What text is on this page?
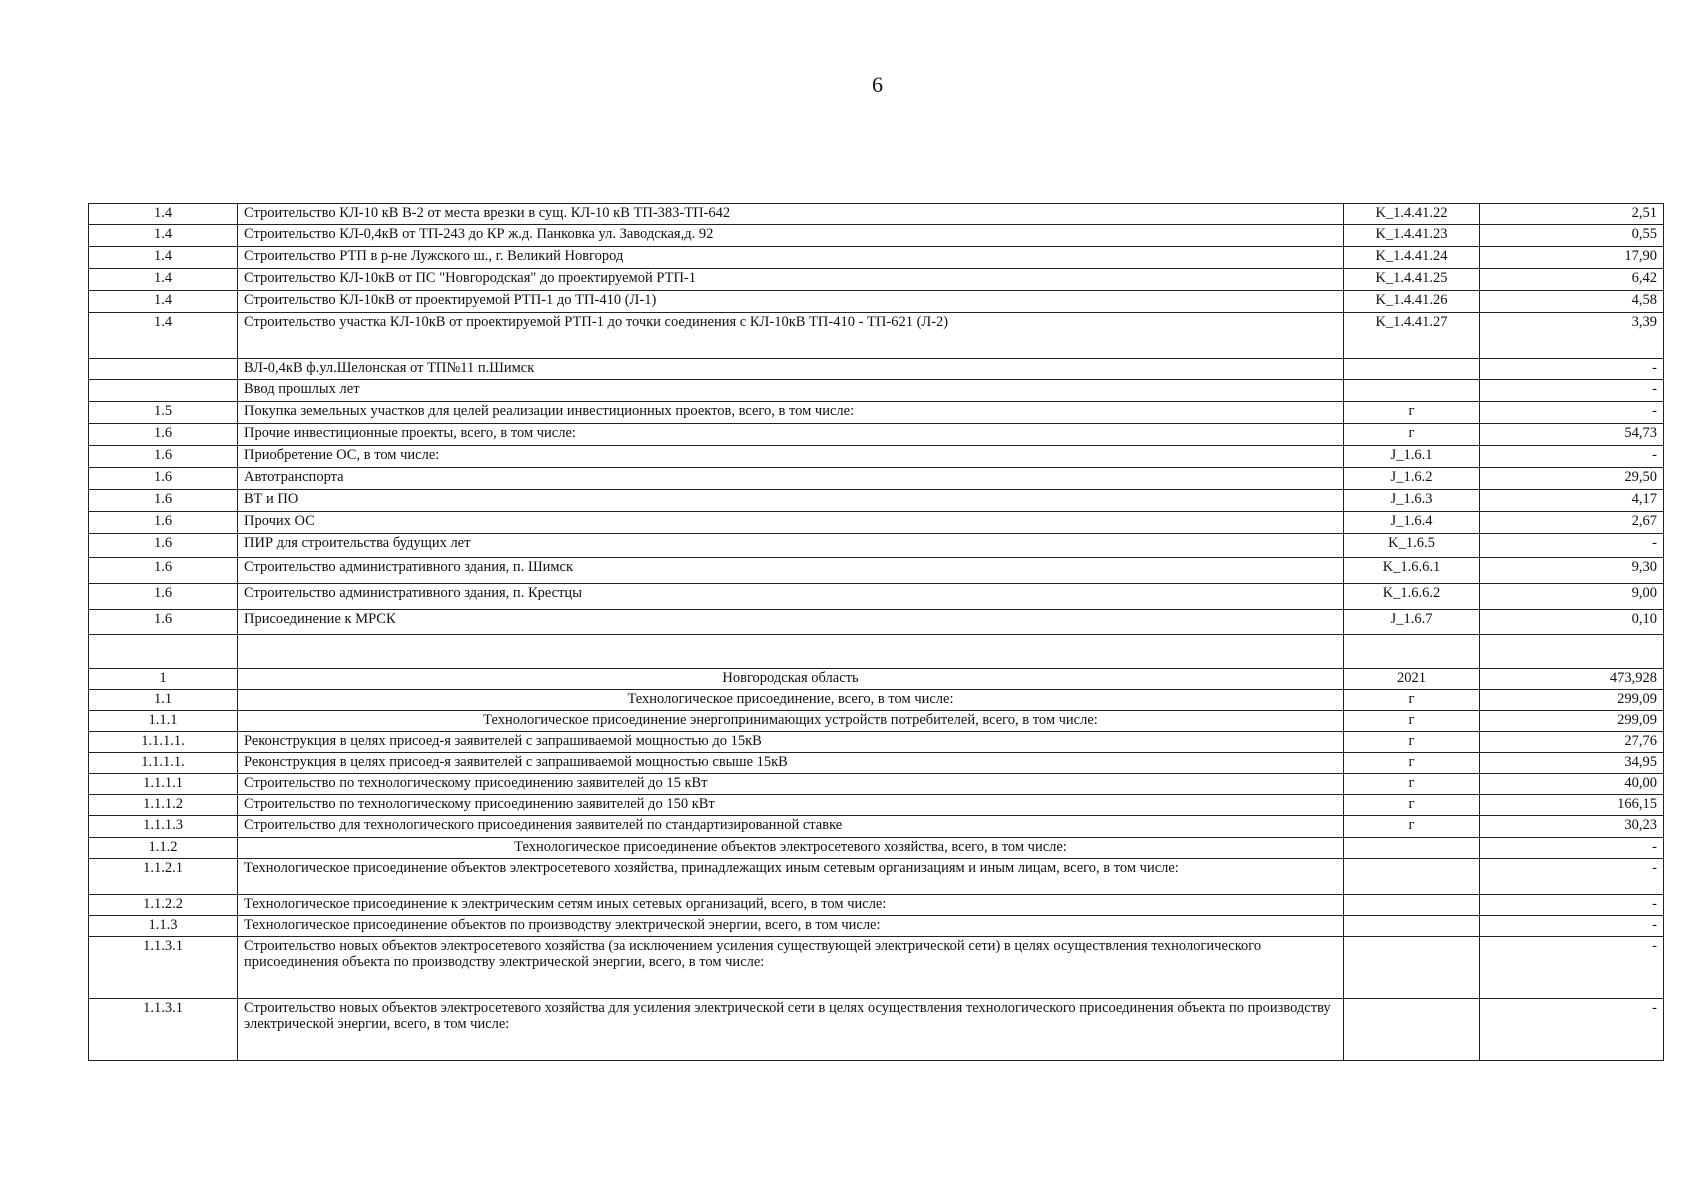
6
1.4	Строительство КЛ-10 кВ В-2 от места врезки в сущ. КЛ-10 кВ ТП-383-ТП-642	K_1.4.41.22	2,51
1.4	Строительство КЛ-0,4кВ от ТП-243 до КР ж.д. Панковка ул. Заводская,д. 92	K_1.4.41.23	0,55
1.4	Строительство РТП в р-не Лужского ш., г. Великий Новгород	K_1.4.41.24	17,90
1.4	Строительство КЛ-10кВ от ПС "Новгородская" до проектируемой РТП-1	K_1.4.41.25	6,42
1.4	Строительство КЛ-10кВ от проектируемой РТП-1 до ТП-410 (Л-1)	K_1.4.41.26	4,58
1.4	Строительство участка КЛ-10кВ от проектируемой РТП-1 до точки соединения с КЛ-10кВ ТП-410 - ТП-621 (Л-2)	K_1.4.41.27	3,39
	ВЛ-0,4кВ ф.ул.Шелонская от ТП№11 п.Шимск		-
	Ввод прошлых лет		-
1.5	Покупка земельных участков для целей реализации инвестиционных проектов, всего, в том числе:	г	-
1.6	Прочие инвестиционные проекты, всего, в том числе:	г	54,73
1.6	Приобретение ОС, в том числе:	J_1.6.1	-
1.6	Автотранспорта	J_1.6.2	29,50
1.6	ВТ и ПО	J_1.6.3	4,17
1.6	Прочих ОС	J_1.6.4	2,67
1.6	ПИР для строительства будущих лет	K_1.6.5	-
1.6	Строительство административного здания, п. Шимск	K_1.6.6.1	9,30
1.6	Строительство административного здания, п. Крестцы	K_1.6.6.2	9,00
1.6	Присоединение к МРСК	J_1.6.7	0,10

1	Новгородская область	2021	473,928
1.1	Технологическое присоединение, всего, в том числе:	г	299,09
1.1.1	Технологическое присоединение энергопринимающих устройств потребителей, всего, в том числе:	г	299,09
1.1.1.1.	Реконструкция в целях присоед-я заявителей с запрашиваемой мощностью до 15кВ	г	27,76
1.1.1.1.	Реконструкция в целях присоед-я заявителей с запрашиваемой мощностью свыше 15кВ	г	34,95
1.1.1.1	Строительство по технологическому присоединению заявителей до 15 кВт	г	40,00
1.1.1.2	Строительство по технологическому присоединению заявителей до 150 кВт	г	166,15
1.1.1.3	Строительство для технологического присоединения заявителей по стандартизированной ставке	г	30,23
1.1.2	Технологическое присоединение объектов электросетевого хозяйства, всего, в том числе:		-
1.1.2.1	Технологическое присоединение объектов электросетевого хозяйства, принадлежащих иным сетевым организациям и иным лицам, всего, в том числе:		-
1.1.2.2	Технологическое присоединение к электрическим сетям иных сетевых организаций, всего, в том числе:		-
1.1.3	Технологическое присоединение объектов по производству электрической энергии, всего, в том числе:		-
1.1.3.1	Строительство новых объектов электросетевого хозяйства (за исключением усиления существующей электрической сети) в целях осуществления технологического присоединения объекта по производству электрической энергии, всего, в том числе:		-
1.1.3.1	Строительство новых объектов электросетевого хозяйства для усиления электрической сети в целях осуществления технологического присоединения объекта по производству электрической энергии, всего, в том числе:		-
